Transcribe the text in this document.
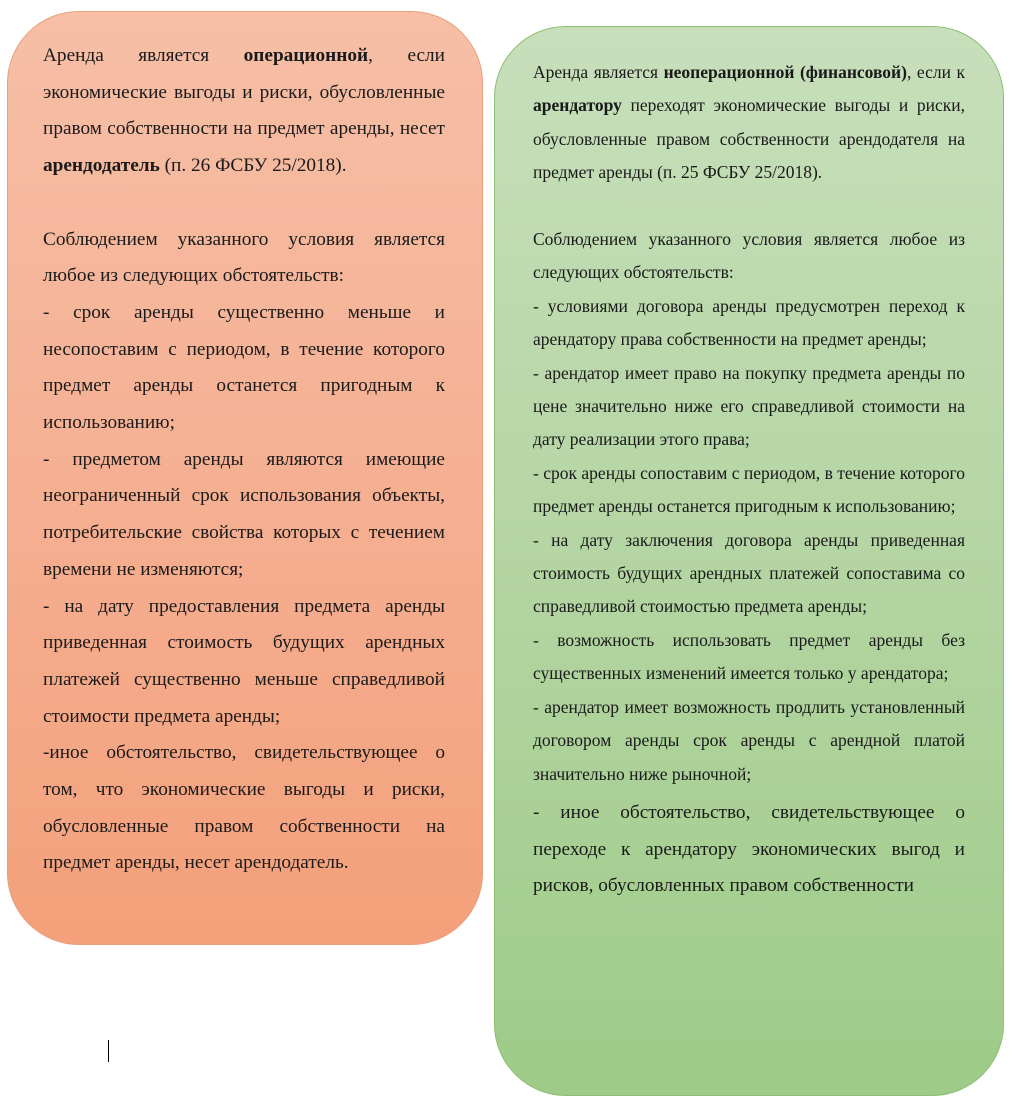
Аренда является операционной, если экономические выгоды и риски, обусловленные правом собственности на предмет аренды, несет арендодатель (п. 26 ФСБУ 25/2018).

Соблюдением указанного условия является любое из следующих обстоятельств:

- срок аренды существенно меньше и несопоставим с периодом, в течение которого предмет аренды останется пригодным к использованию;

- предметом аренды являются имеющие неограниченный срок использования объекты, потребительские свойства которых с течением времени не изменяются;

- на дату предоставления предмета аренды приведенная стоимость будущих арендных платежей существенно меньше справедливой стоимости предмета аренды;

-иное обстоятельство, свидетельствующее о том, что экономические выгоды и риски, обусловленные правом собственности на предмет аренды, несет арендодатель.

Аренда является неоперационной (финансовой), если к арендатору переходят экономические выгоды и риски, обусловленные правом собственности арендодателя на предмет аренды (п. 25 ФСБУ 25/2018).

Соблюдением указанного условия является любое из следующих обстоятельств:

- условиями договора аренды предусмотрен переход к арендатору права собственности на предмет аренды;

- арендатор имеет право на покупку предмета аренды по цене значительно ниже его справедливой стоимости на дату реализации этого права;

- срок аренды сопоставим с периодом, в течение которого предмет аренды останется пригодным к использованию;

- на дату заключения договора аренды приведенная стоимость будущих арендных платежей сопоставима со справедливой стоимостью предмета аренды;

- возможность использовать предмет аренды без существенных изменений имеется только у арендатора;

- арендатор имеет возможность продлить установленный договором аренды срок аренды с арендной платой значительно ниже рыночной;

- иное обстоятельство, свидетельствующее о переходе к арендатору экономических выгод и рисков, обусловленных правом собственности
